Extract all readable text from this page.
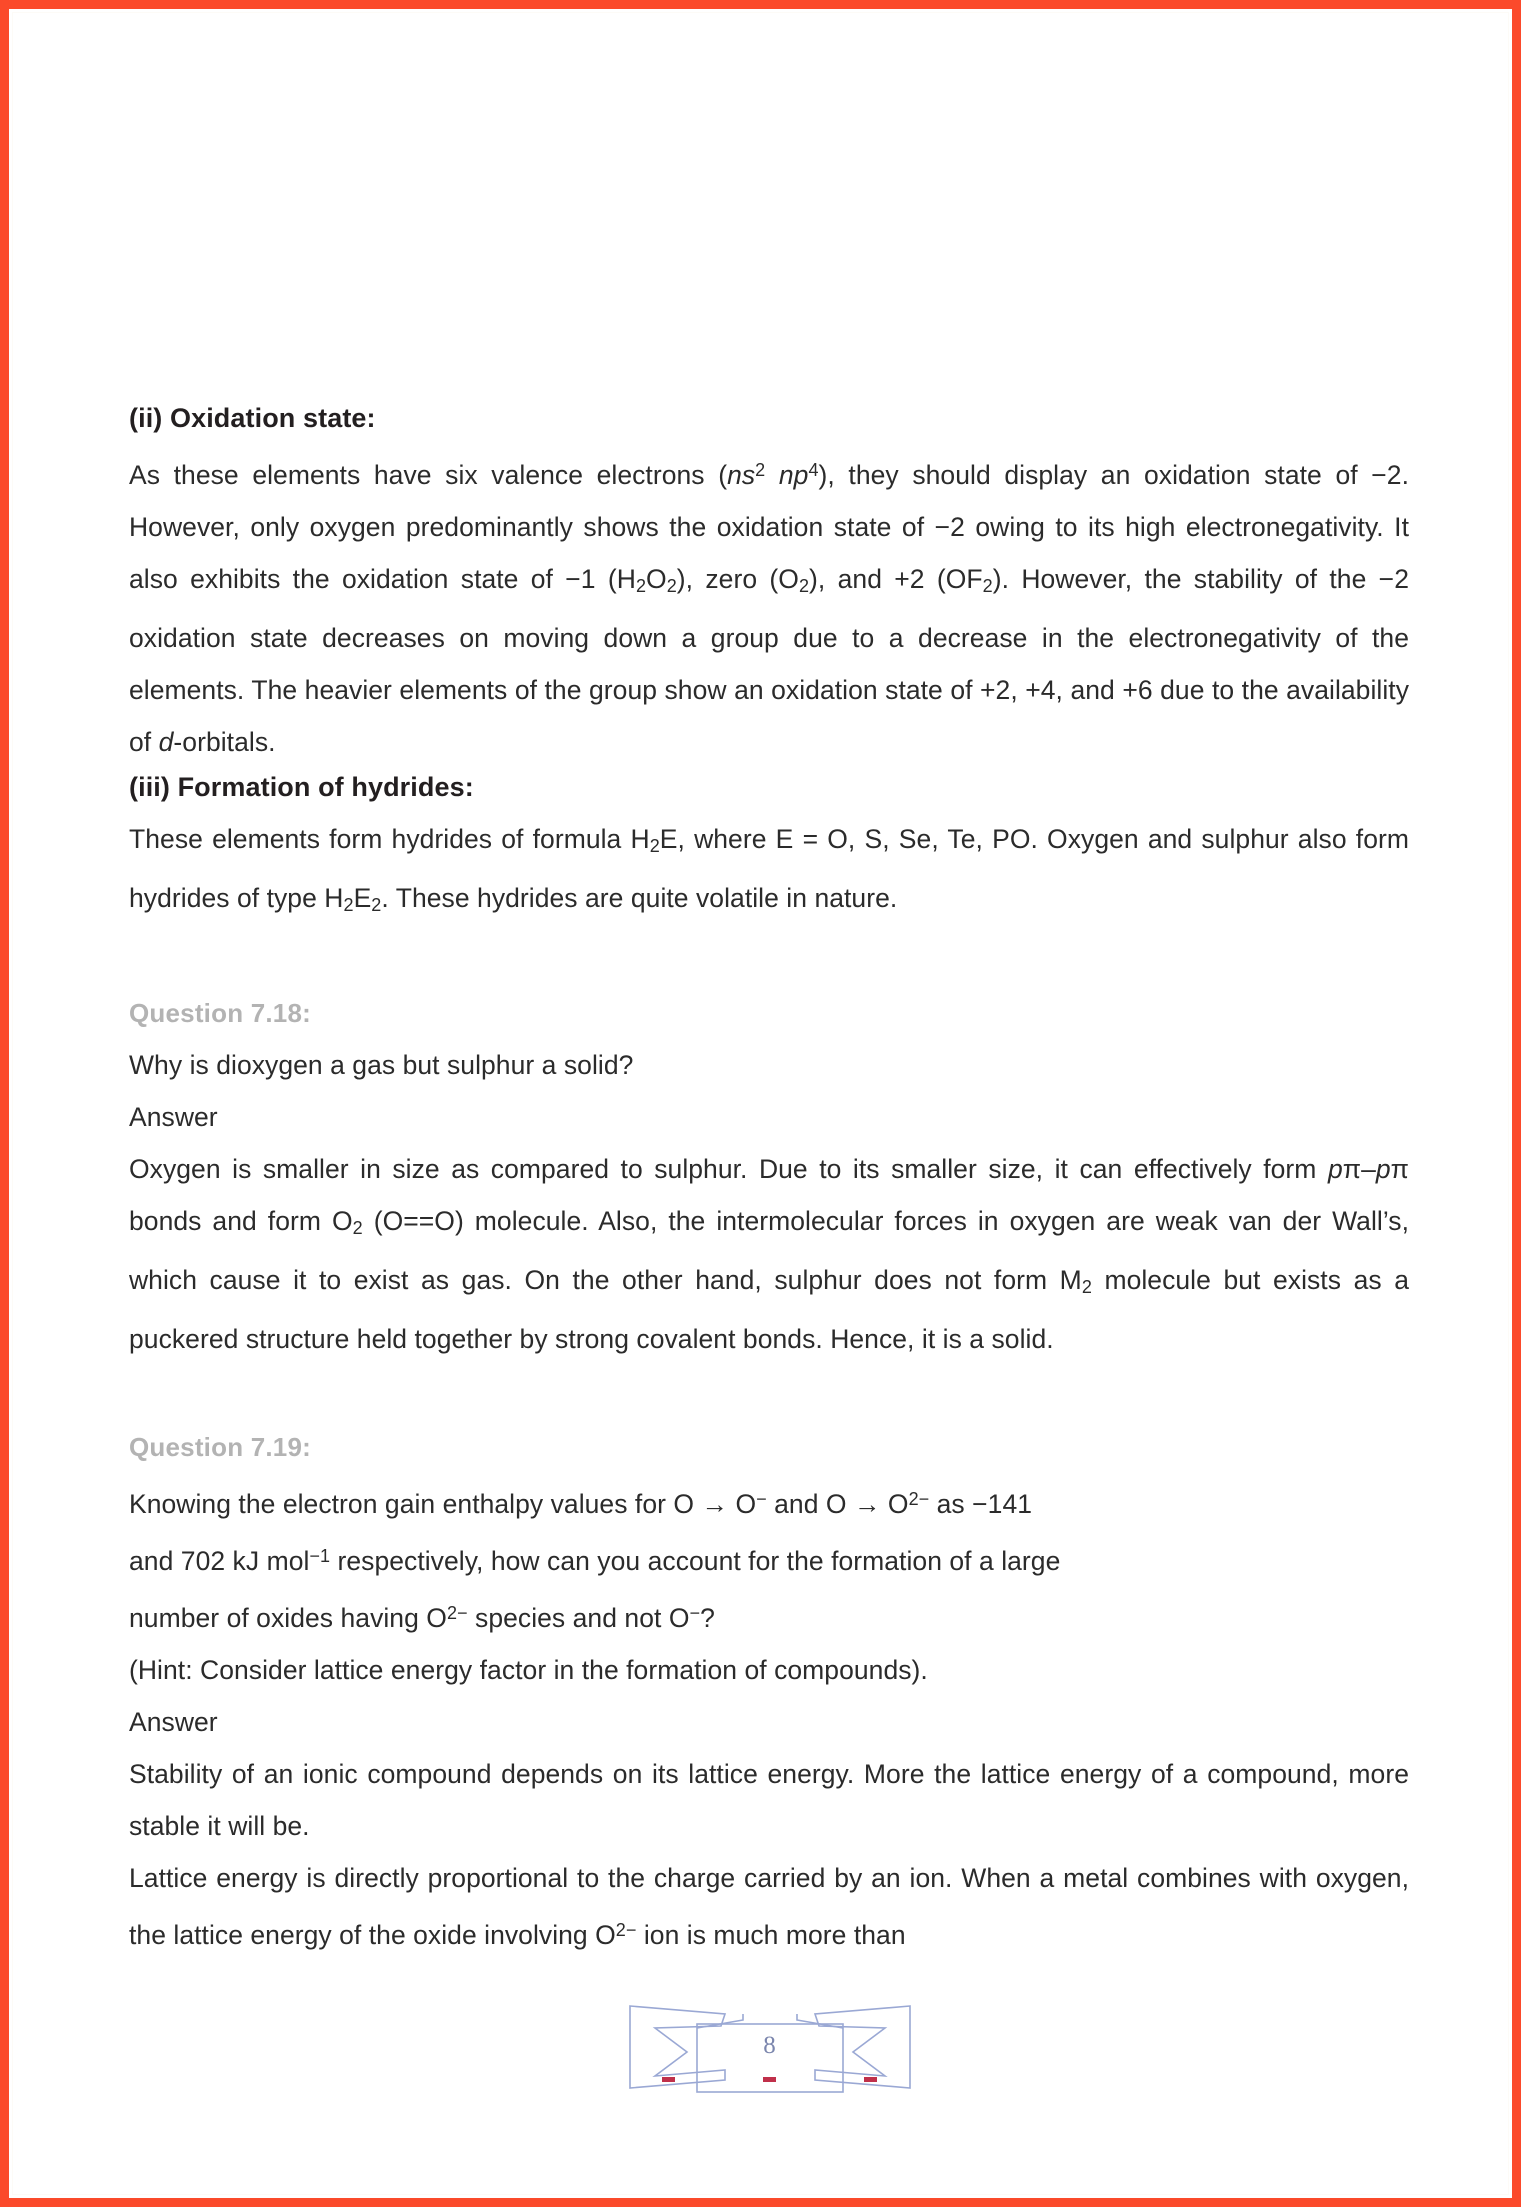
(ii) Oxidation state:

As these elements have six valence electrons ($ns^2$ $np^4$), they should display an oxidation state of −2. However, only oxygen predominantly shows the oxidation state of −2 owing to its high electronegativity. It also exhibits the oxidation state of −1 $(H_2O_2)$, zero $(O_2)$, and +2 $(OF_2)$. However, the stability of the −2 oxidation state decreases on moving down a group due to a decrease in the electronegativity of the elements. The heavier elements of the group show an oxidation state of +2, +4, and +6 due to the availability of d-orbitals.

(iii) Formation of hydrides:

These elements form hydrides of formula $H_2E$, where E = O, S, Se, Te, PO. Oxygen and sulphur also form hydrides of type $H_2E_2$. These hydrides are quite volatile in nature.

Question 7.18:

Why is dioxygen a gas but sulphur a solid?

Answer

Oxygen is smaller in size as compared to sulphur. Due to its smaller size, it can effectively form pπ–pπ bonds and form $O_2$ (O==O) molecule. Also, the intermolecular forces in oxygen are weak van der Wall’s, which cause it to exist as gas. On the other hand, sulphur does not form $M_2$ molecule but exists as a puckered structure held together by strong covalent bonds. Hence, it is a solid.

Question 7.19:

Knowing the electron gain enthalpy values for O → O− and $O \to O^{2-}$ as −141

and 702 kJ mol$^{-1}$ respectively, how can you account for the formation of a large

number of oxides having $O^{2-}$ species and not O−?

(Hint: Consider lattice energy factor in the formation of compounds).

Answer

Stability of an ionic compound depends on its lattice energy. More the lattice energy of a compound, more stable it will be.

Lattice energy is directly proportional to the charge carried by an ion. When a metal combines with oxygen, the lattice energy of the oxide involving $O^{2-}$ ion is much more than

8
